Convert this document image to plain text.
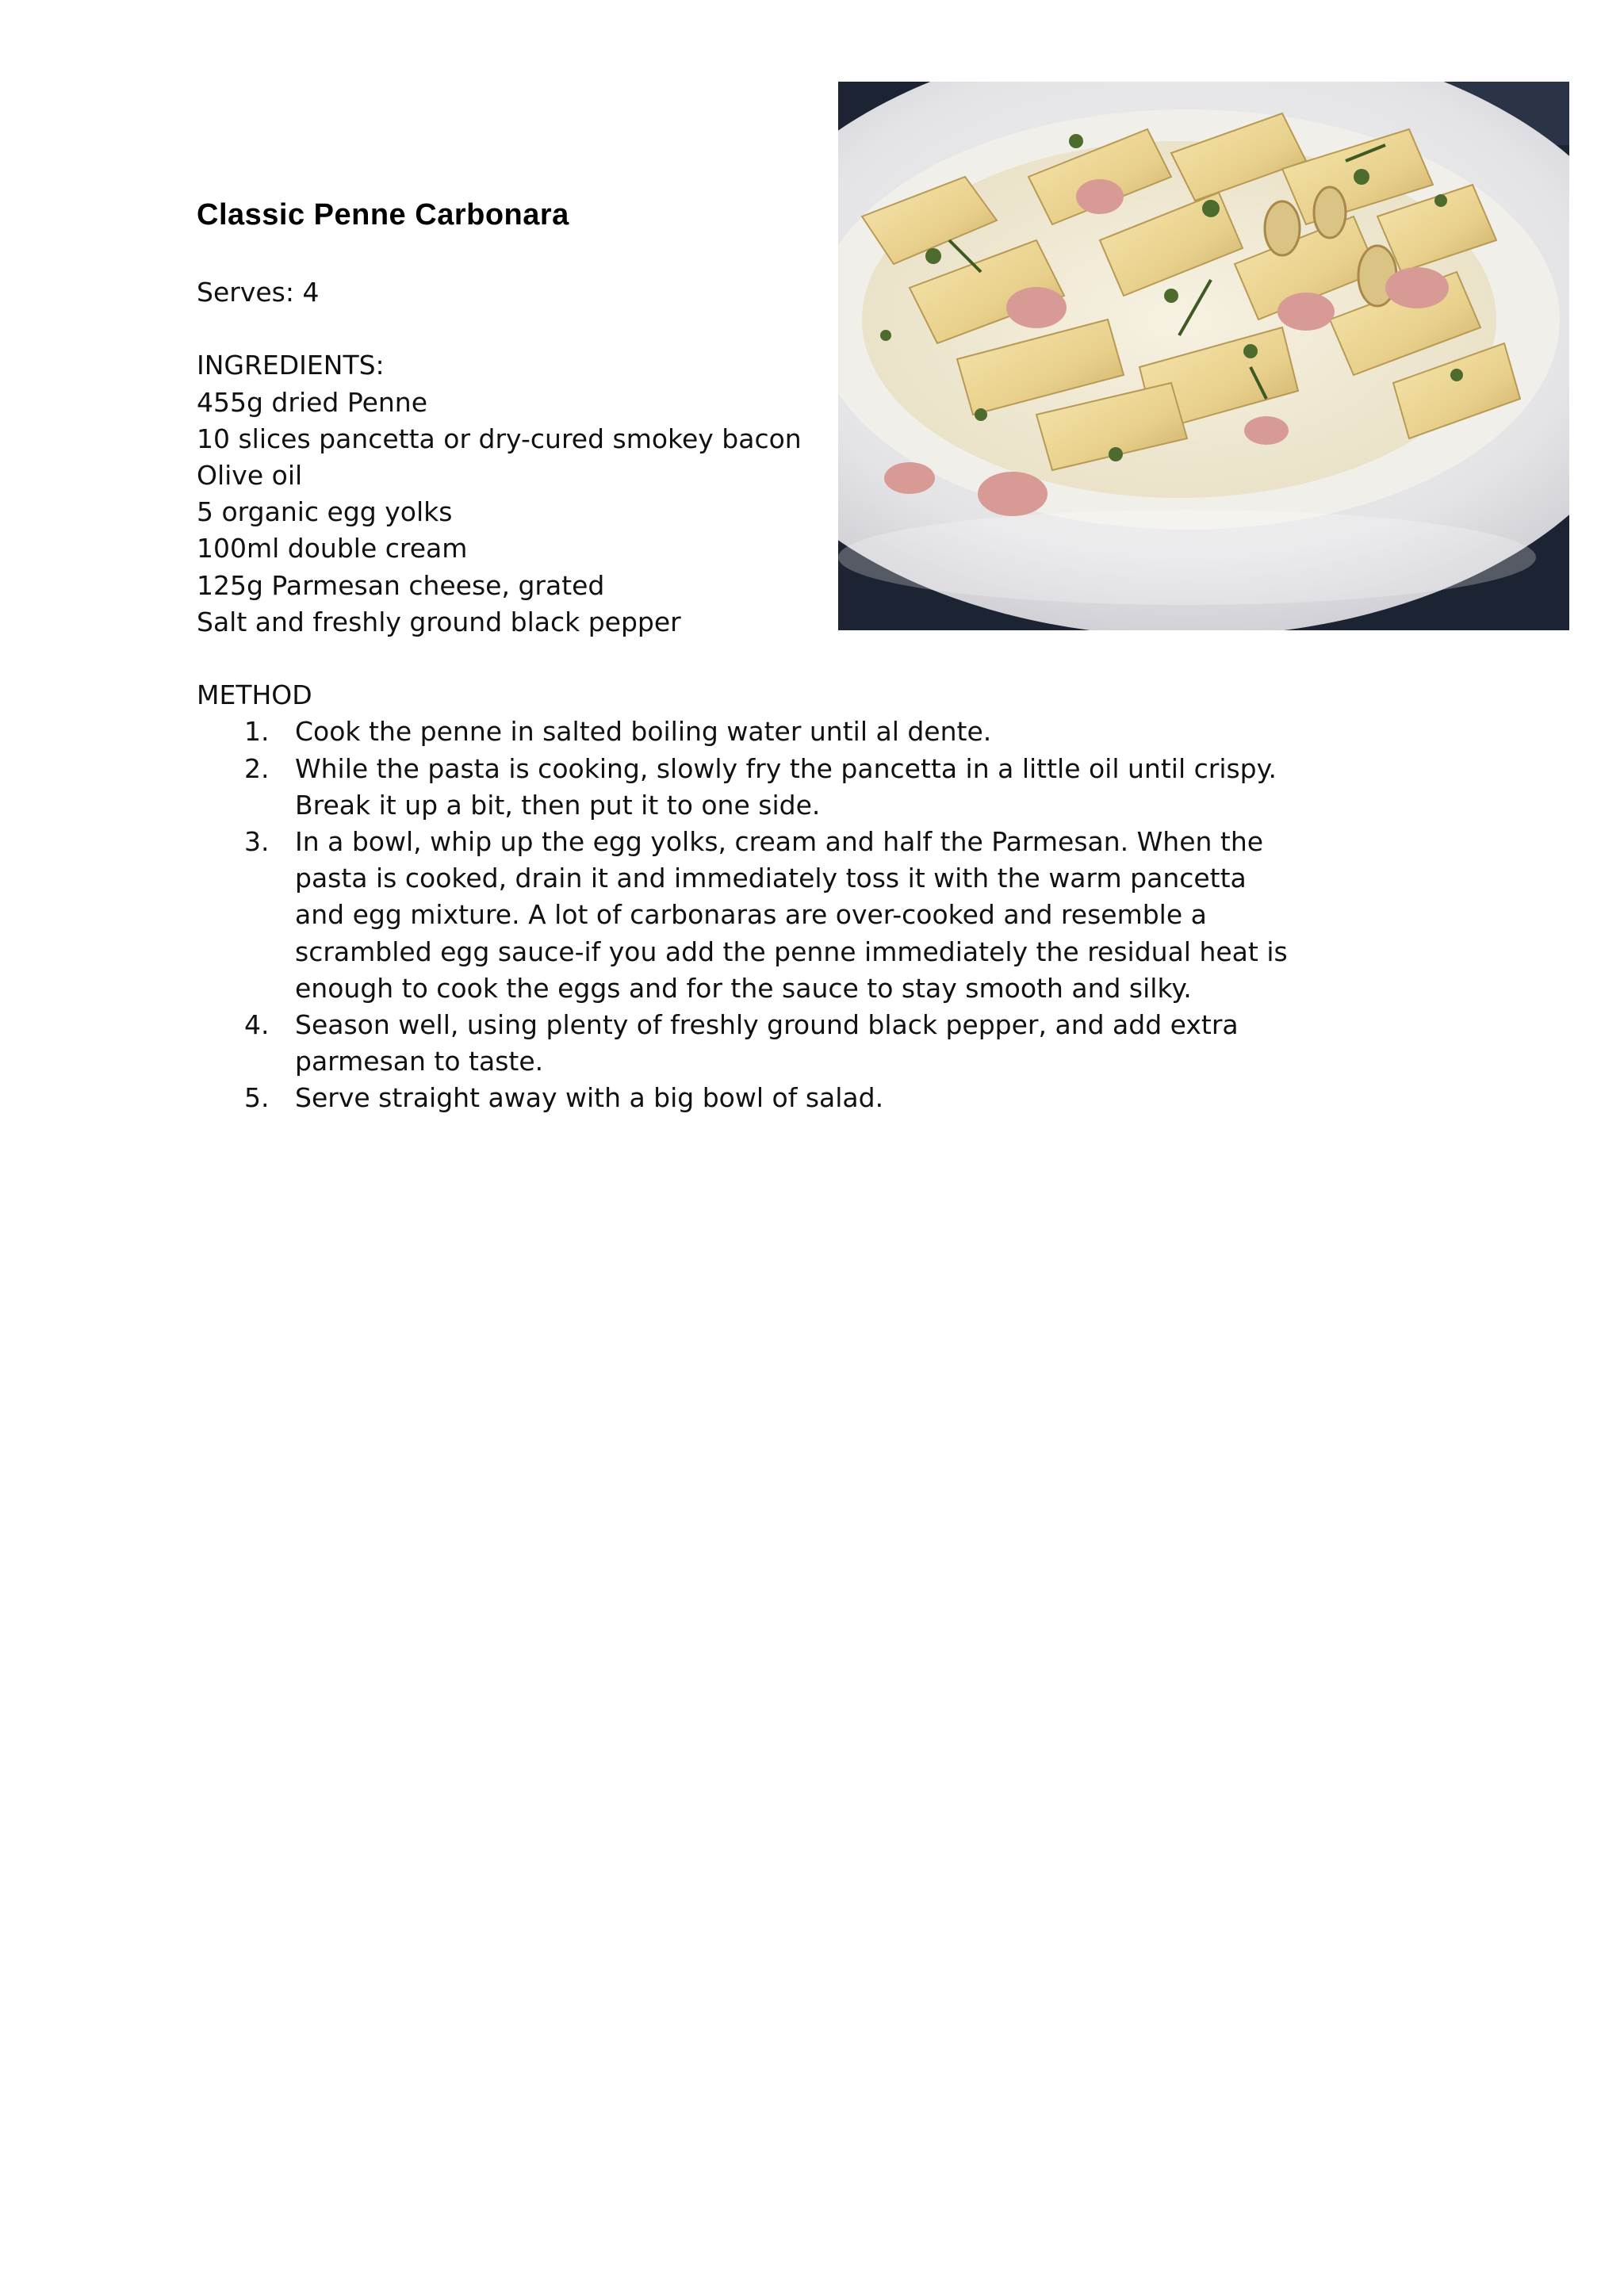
Classic Penne Carbonara
Serves: 4
INGREDIENTS:
455g dried Penne
10 slices pancetta or dry-cured smokey bacon
Olive oil
5 organic egg yolks
100ml double cream
125g Parmesan cheese, grated
Salt and freshly ground black pepper
METHOD
1. Cook the penne in salted boiling water until al dente.
2. While the pasta is cooking, slowly fry the pancetta in a little oil until crispy.
Break it up a bit, then put it to one side.
3. In a bowl, whip up the egg yolks, cream and half the Parmesan. When the
pasta is cooked, drain it and immediately toss it with the warm pancetta
and egg mixture. A lot of carbonaras are over-cooked and resemble a
scrambled egg sauce-if you add the penne immediately the residual heat is
enough to cook the eggs and for the sauce to stay smooth and silky.
4. Season well, using plenty of freshly ground black pepper, and add extra
parmesan to taste.
5. Serve straight away with a big bowl of salad.
